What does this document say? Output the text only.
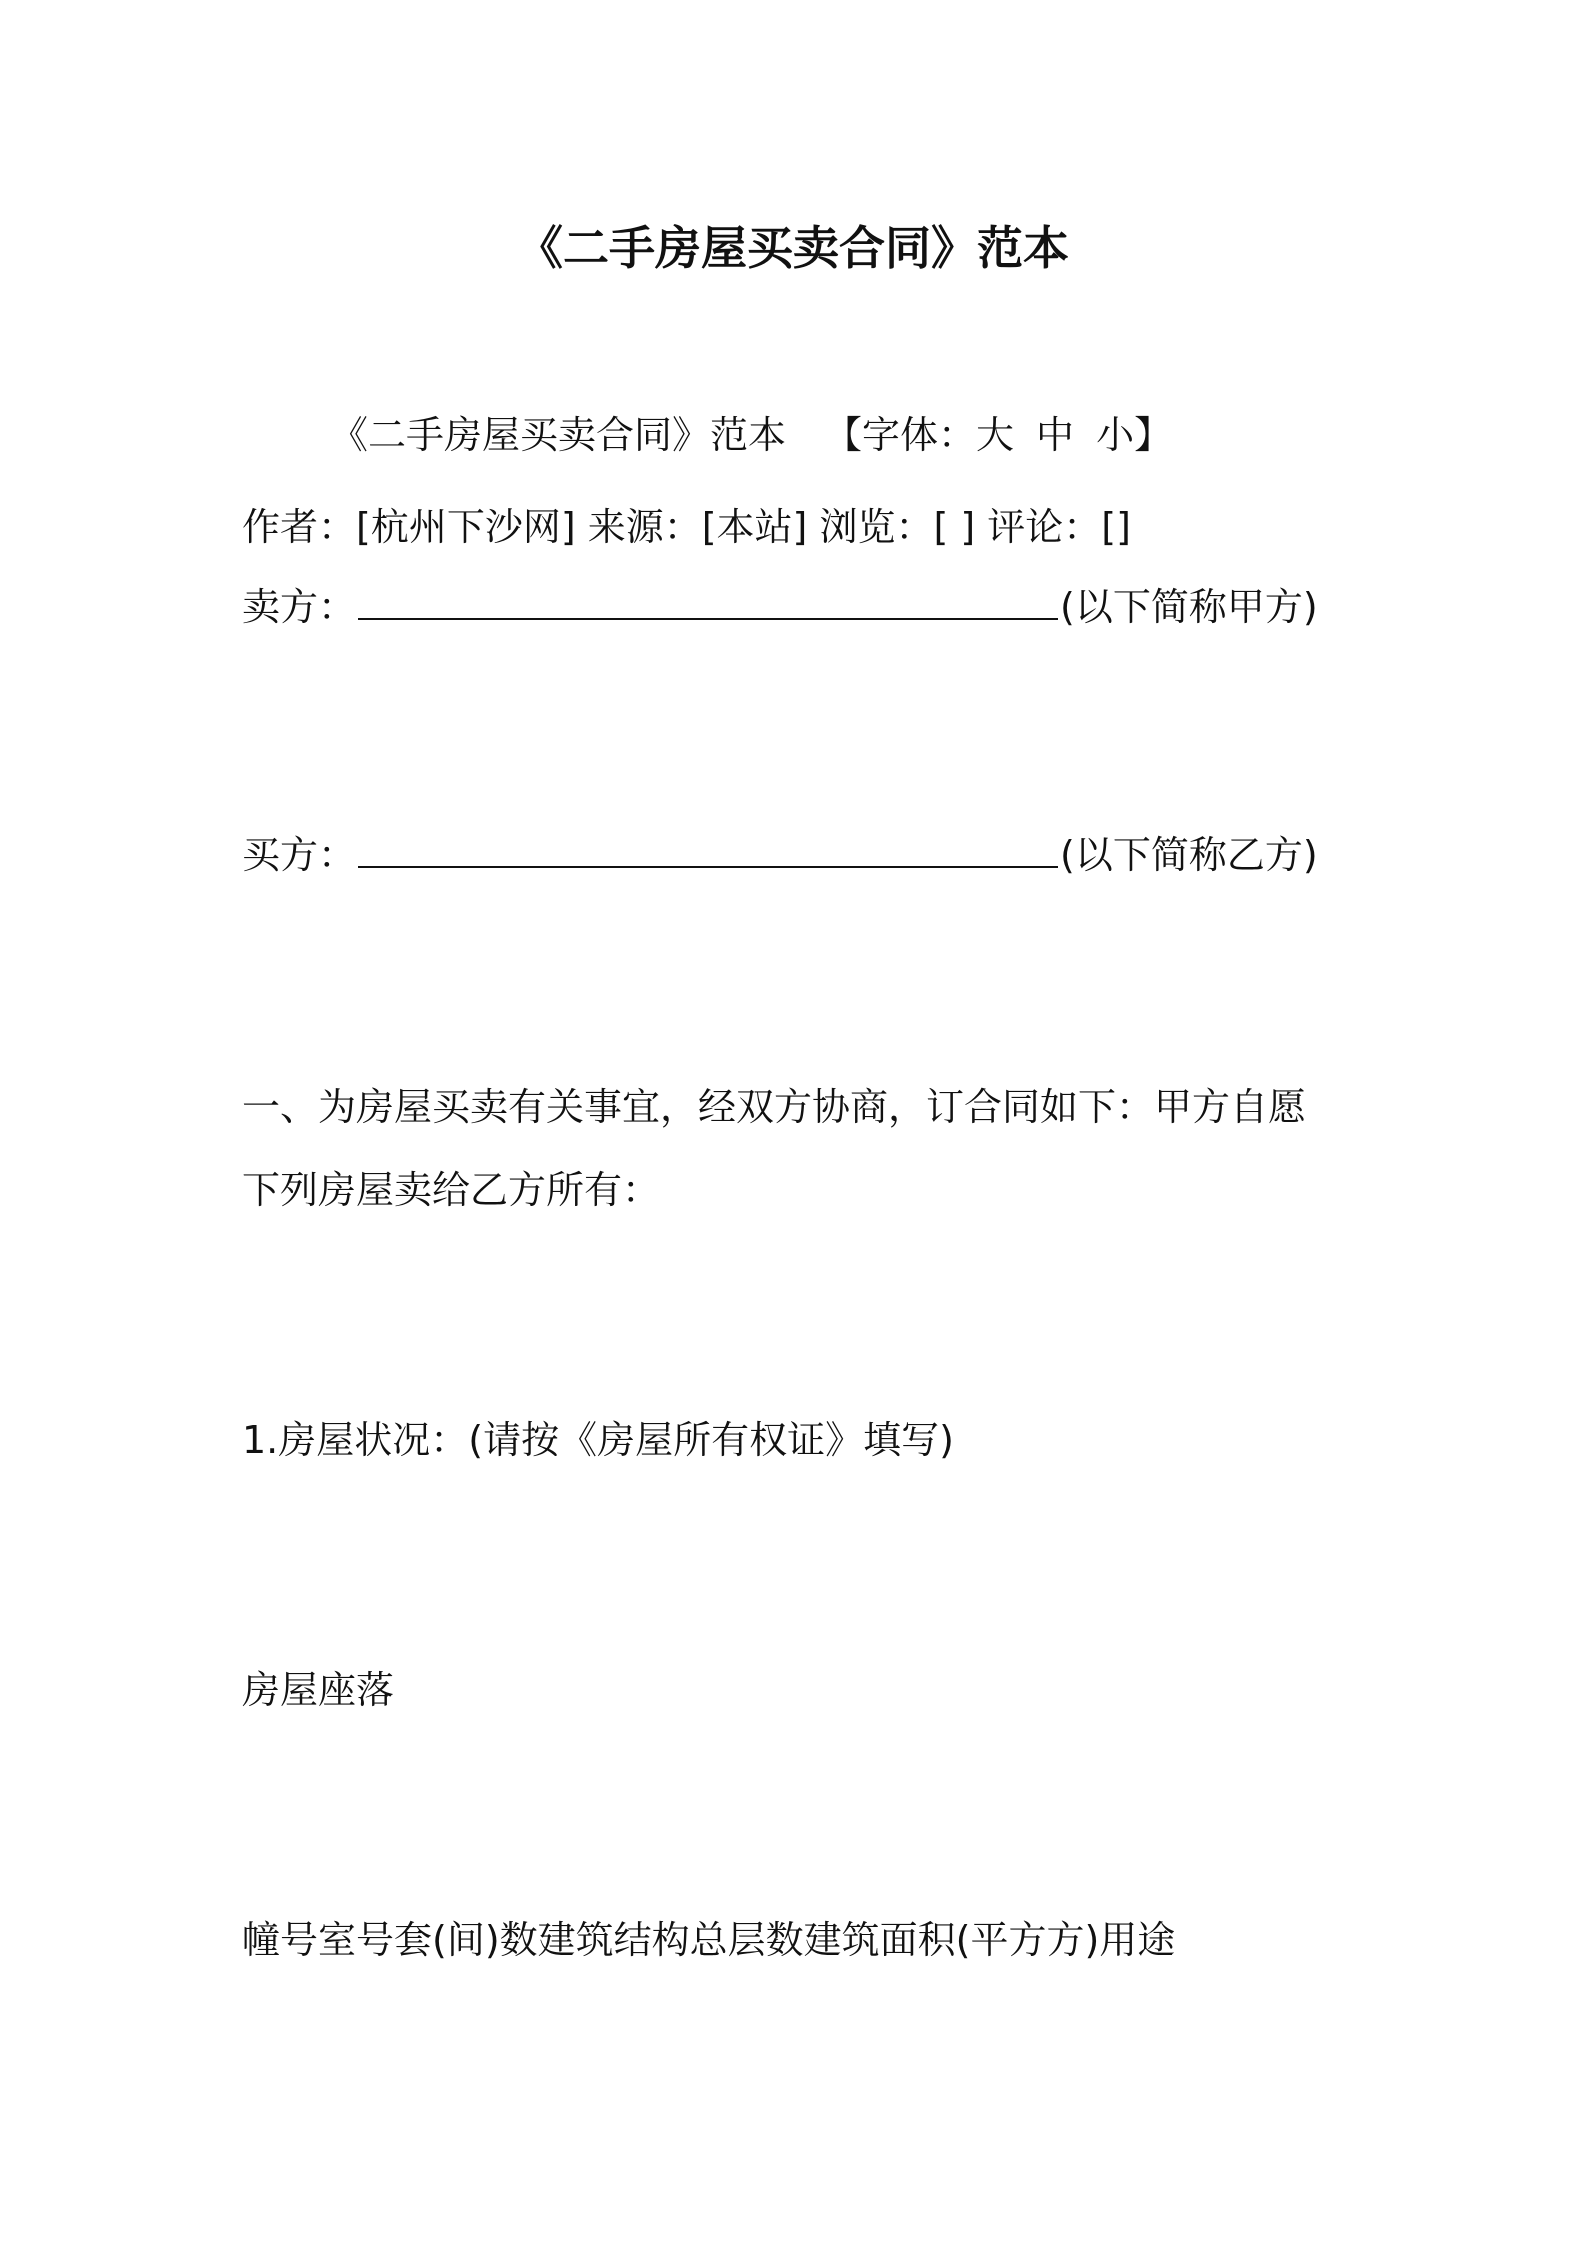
《二手房屋买卖合同》范本
《二手房屋买卖合同》范本 【字体：大 中 小】
作者：[杭州下沙网] 来源：[本站] 浏览：[ ] 评论：[]
卖方：	(以下简称甲方)
买方：	(以下简称乙方)
一、为房屋买卖有关事宜，经双方协商，订合同如下：甲方自愿
下列房屋卖给乙方所有：
1.房屋状况：(请按《房屋所有权证》填写)
房屋座落
幢号室号套(间)数建筑结构总层数建筑面积(平方方)用途
